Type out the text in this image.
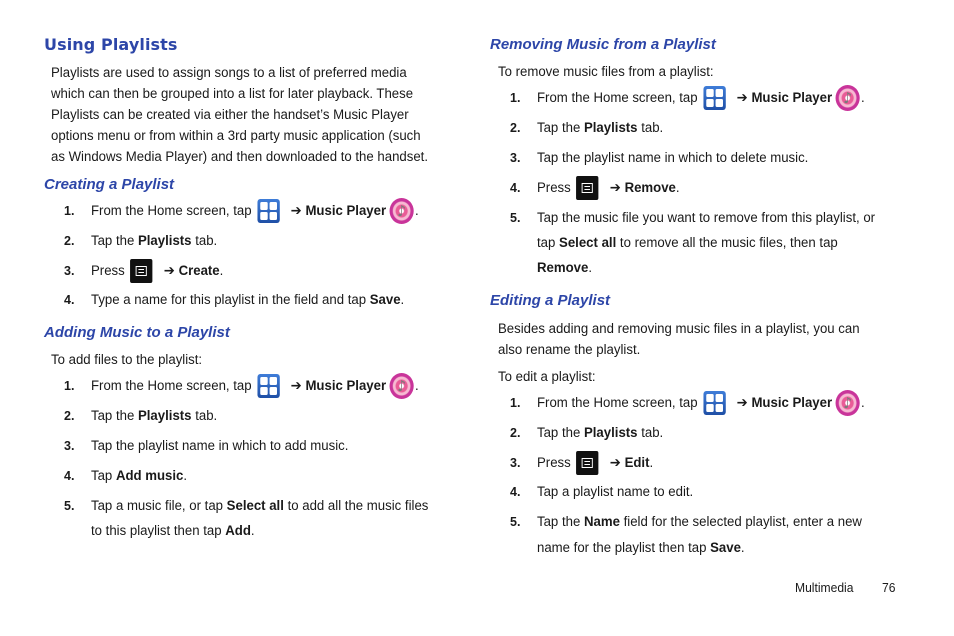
Using Playlists
Playlists are used to assign songs to a list of preferred media
which can then be grouped into a list for later playback. These
Playlists can be created via either the handset’s Music Player
options menu or from within a 3rd party music application (such
as Windows Media Player) and then downloaded to the handset.
Creating a Playlist
1. From the Home screen, tap	➔ Music Player ♪ .
2. Tap the
Playlists
tab.
3. Press	➔ Create .
4. Type a name for this playlist in the field and tap
Save .
Adding Music to a Playlist
To add files to the playlist:
1. From the Home screen, tap	➔ Music Player ♪ .
2. Tap the
Playlists
tab.
3. Tap the playlist name in which to add music.
4. Tap
Add music .
5. Tap a music file, or tap
Select all
to add all the music files
to this playlist then tap
Add .
Removing Music from a Playlist
To remove music files from a playlist:
1. From the Home screen, tap	➔ Music Player ♪ .
2. Tap the
Playlists
tab.
3. Tap the playlist name in which to delete music.
4. Press	➔ Remove .
5. Tap the music file you want to remove from this playlist, or
tap
Select all
to remove all the music files, then tap
Remove .
Editing a Playlist
Besides adding and removing music files in a playlist, you can
also rename the playlist.
To edit a playlist:
1. From the Home screen, tap	➔ Music Player ♪ .
2. Tap the
Playlists
tab.
3. Press	➔ Edit .
4. Tap a playlist name to edit.
5. Tap the
Name
field for the selected playlist, enter a new
name for the playlist then tap
Save .
Multimedia 76
